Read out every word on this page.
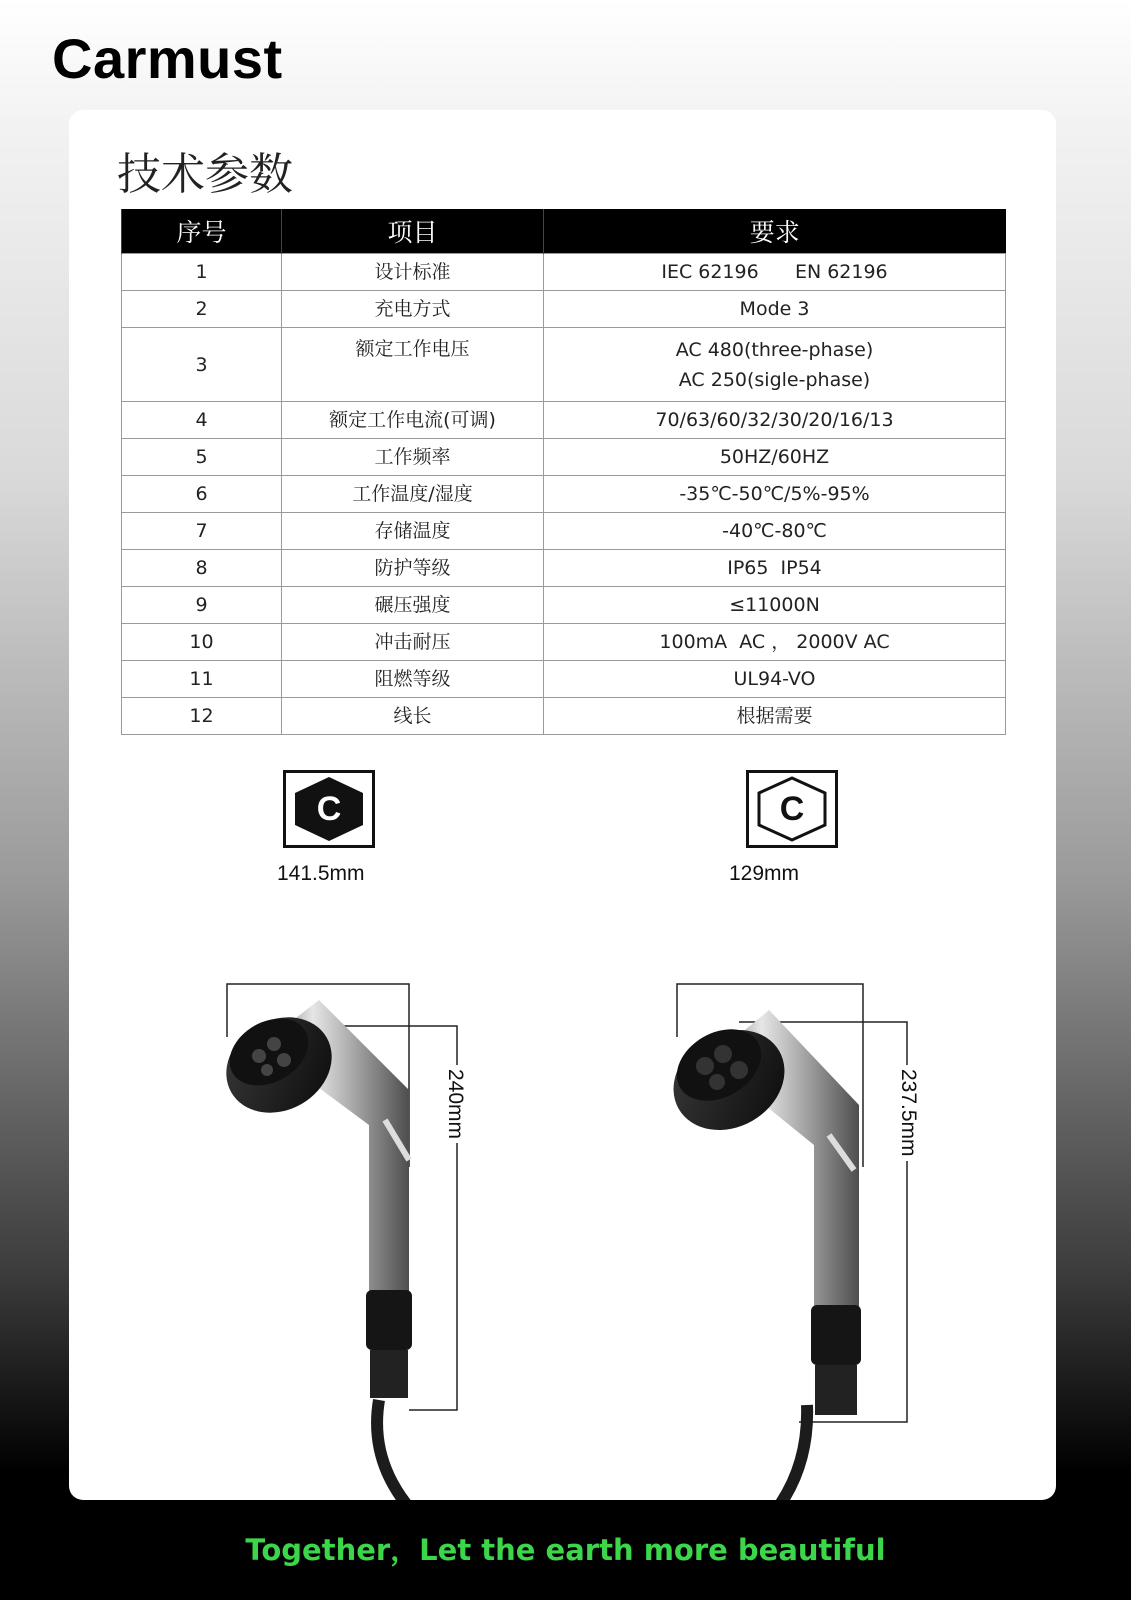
Carmust
技术参数
序号	项目	要求
1	设计标准	IEC 62196      EN 62196

2	充电方式	Mode 3

3	额定工作电压	AC 480(three-phase)
AC 250(sigle-phase)

4	额定工作电流(可调)	70/63/60/32/30/20/16/13

5	工作频率	50HZ/60HZ

6	工作温度/湿度	-35℃-50℃/5%-95%

7	存储温度	-40℃-80℃

8	防护等级	IP65  IP54

9	碾压强度	≤11000N

10	冲击耐压	100mA  AC ， 2000V AC

11	阻燃等级	UL94-VO

12	线长	根据需要
C	C
141.5mm
240mm
129mm
237.5mm
Together，Let the earth more beautiful
